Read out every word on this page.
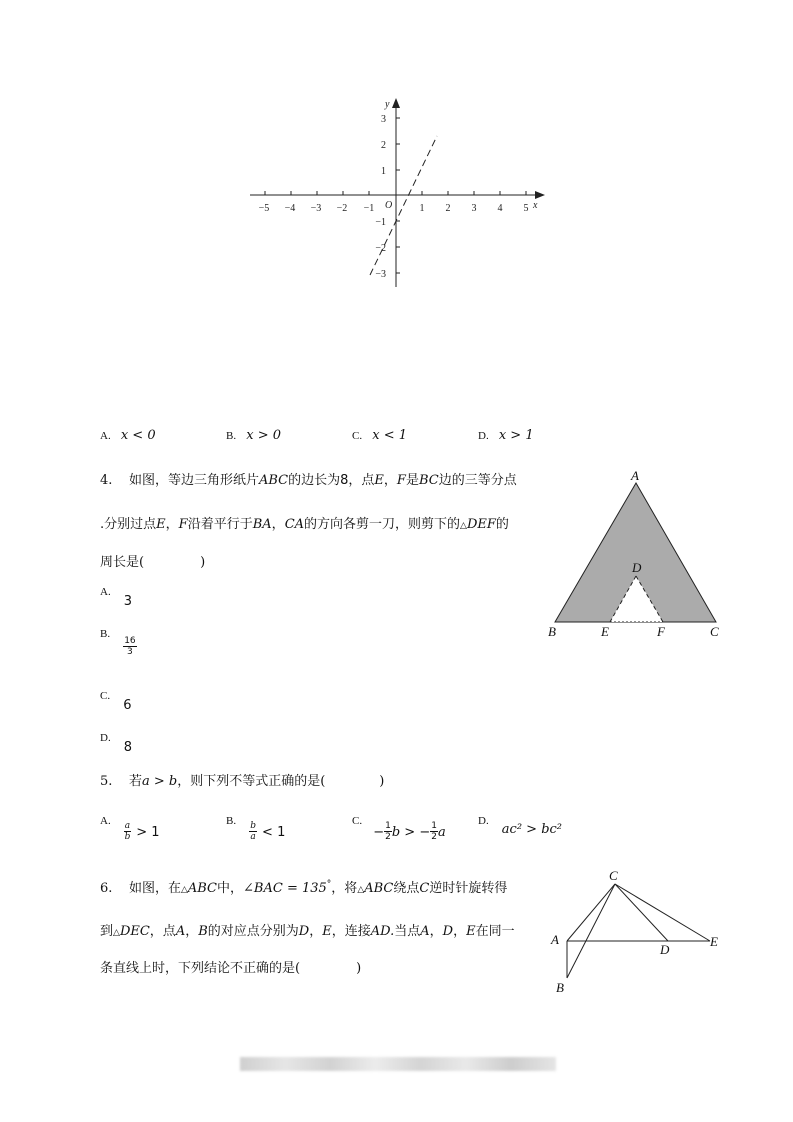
−5 −4 −3 −2 −1	1 2 3 4 5
3
2
1
−1
−2
−3
x
y
O
A. x < 0	B. x > 0	C. x < 1	D. x > 1
4. 如图，等边三角形纸片ABC的边长为8，点E，F是BC边的三等分点
.分别过点E，F沿着平行于BA，CA的方向各剪一刀，则剪下的△DEF的
周长是(	)
$^{A.}$ $_3$
$^{B.}$
$\frac{16}{3}$
$^{C.}$ $_6$
$^{D.}$ $_8$
A
B	C
D
E	F
5. 若a > b，则下列不等式正确的是(	)
$^{A.} \frac{a}{b} _{> 1}$
$^{B.} \frac{b}{a} _{< 1}$
$^{C.} - \frac{1}{2}$ b > − $\frac{1}{2}$ a
$^{D.}$ ac² > bc²
6. 如图，在△ABC中，∠BAC = 135°，将△ABC绕点C逆时针旋转得
到△DEC，点A，B的对应点分别为D，E，连接AD.当点A，D，E在同一
条直线上时，下列结论不正确的是(	)
C
A
B
D
E
